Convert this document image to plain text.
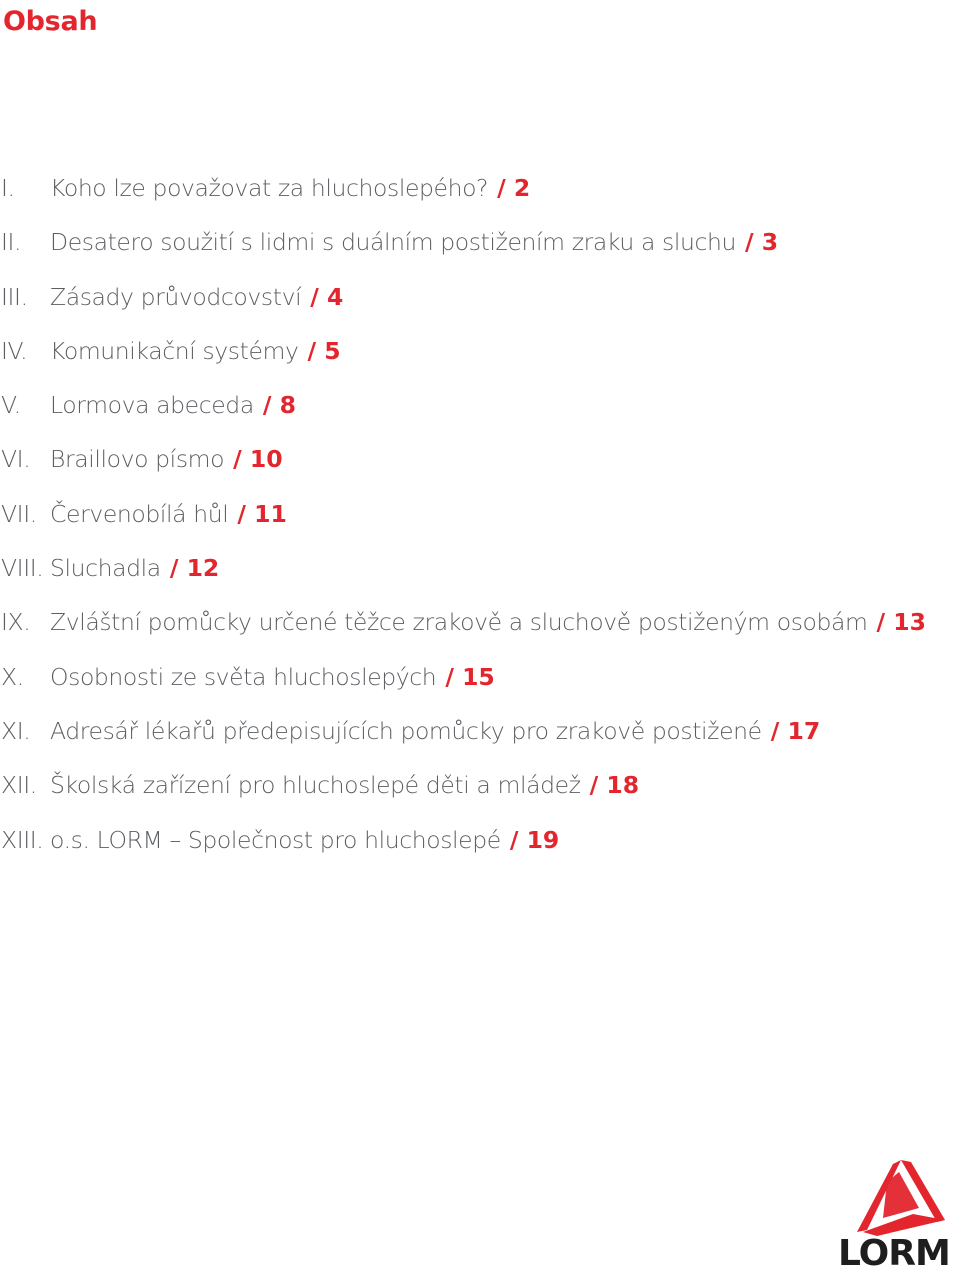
Obsah
I.	Koho lze považovat za hluchoslepého? / 2
II.	Desatero soužití s lidmi s duálním postižením zraku a sluchu / 3
III. Zásady průvodcovství / 4
IV. Komunikační systémy / 5
V.	Lormova abeceda / 8
VI. Braillovo písmo / 10
VII. Červenobílá hůl / 11
VIII. Sluchadla / 12
IX. Zvláštní pomůcky určené těžce zrakově a sluchově postiženým osobám / 13
X.	Osobnosti ze světa hluchoslepých / 15
XI. Adresář lékařů předepisujících pomůcky pro zrakově postižené / 17
XII. Školská zařízení pro hluchoslepé děti a mládež / 18
XIII. o.s. LORM – Společnost pro hluchoslepé / 19
LORM
